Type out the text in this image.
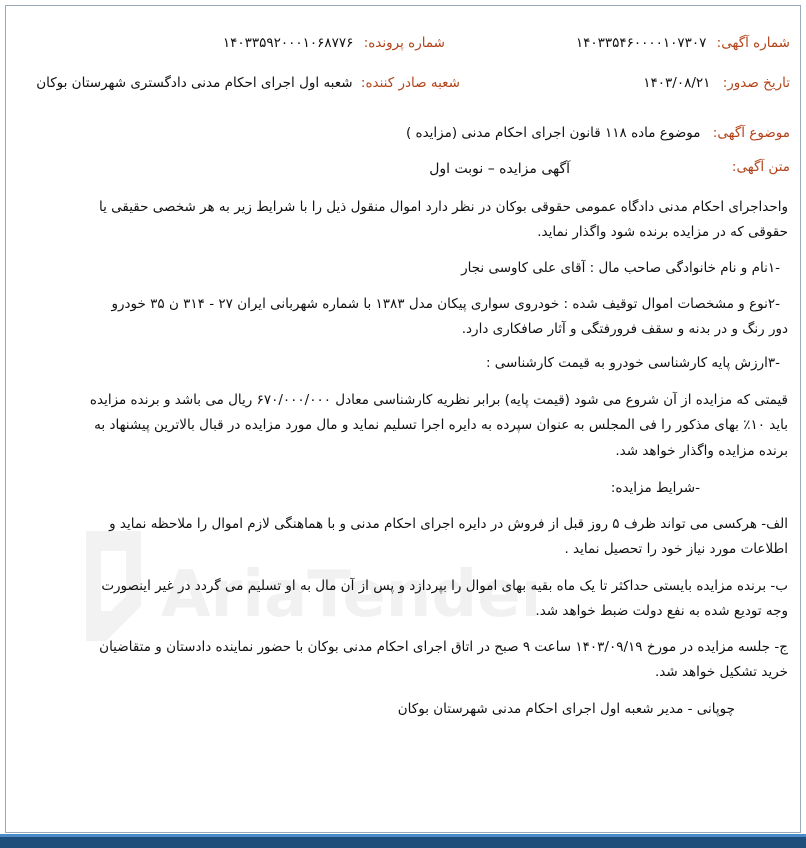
AriaTender
شماره آگهی: ۱۴۰۳۳۵۴۶۰۰۰۰۱۰۷۳۰۷
شماره پرونده: ۱۴۰۳۳۵۹۲۰۰۰۱۰۶۸۷۷۶
تاریخ صدور: ۱۴۰۳/۰۸/۲۱
شعبه صادر کننده: شعبه اول اجرای احکام مدنی دادگستری شهرستان بوکان
موضوع آگهی: موضوع ماده ۱۱۸ قانون اجرای احکام مدنی (مزایده )
متن آگهی:
آگهی مزایده – نوبت اول
واحداجرای احکام مدنی دادگاه عمومی حقوقی بوکان در نظر دارد اموال منقول ذیل را با شرایط زیر به هر شخصی حقیقی یا
حقوقی که در مزایده برنده شود واگذار نماید.
-۱نام و نام خانوادگی صاحب مال : آقای علی کاوسی نجار
-۲نوع و مشخصات اموال توقیف شده : خودروی سواری پیکان مدل ۱۳۸۳ با شماره شهربانی ایران ۲۷ - ۳۱۴ ن ۳۵ خودرو
دور رنگ و در بدنه و سقف فرورفتگی و آثار صافکاری دارد.
-۳ارزش پایه کارشناسی خودرو به قیمت کارشناسی :
قیمتی که مزایده از آن شروع می شود (قیمت پایه) برابر نظریه کارشناسی معادل ۶۷۰/۰۰۰/۰۰۰ ریال می باشد و برنده مزایده
باید ۱۰٪ بهای مذکور را فی المجلس به عنوان سپرده به دایره اجرا تسلیم نماید و مال مورد مزایده در قبال بالاترین پیشنهاد به
برنده مزایده واگذار خواهد شد.
-شرایط مزایده:
الف- هرکسی می تواند ظرف ۵ روز قبل از فروش در دایره اجرای احکام مدنی و با هماهنگی لازم اموال را ملاحظه نماید و
اطلاعات مورد نیاز خود را تحصیل نماید .
ب- برنده مزایده بایستی حداکثر تا یک ماه بقیه بهای اموال را بپردازد و پس از آن مال به او تسلیم می گردد در غیر اینصورت
وجه تودیع شده به نفع دولت ضبط خواهد شد.
ج- جلسه مزایده در مورخ ۱۴۰۳/۰۹/۱۹ ساعت ۹ صبح در اتاق اجرای احکام مدنی بوکان با حضور نماینده دادستان و متقاضیان
خرید تشکیل خواهد شد.
چوپانی - مدیر شعبه اول اجرای احکام مدنی شهرستان بوکان
